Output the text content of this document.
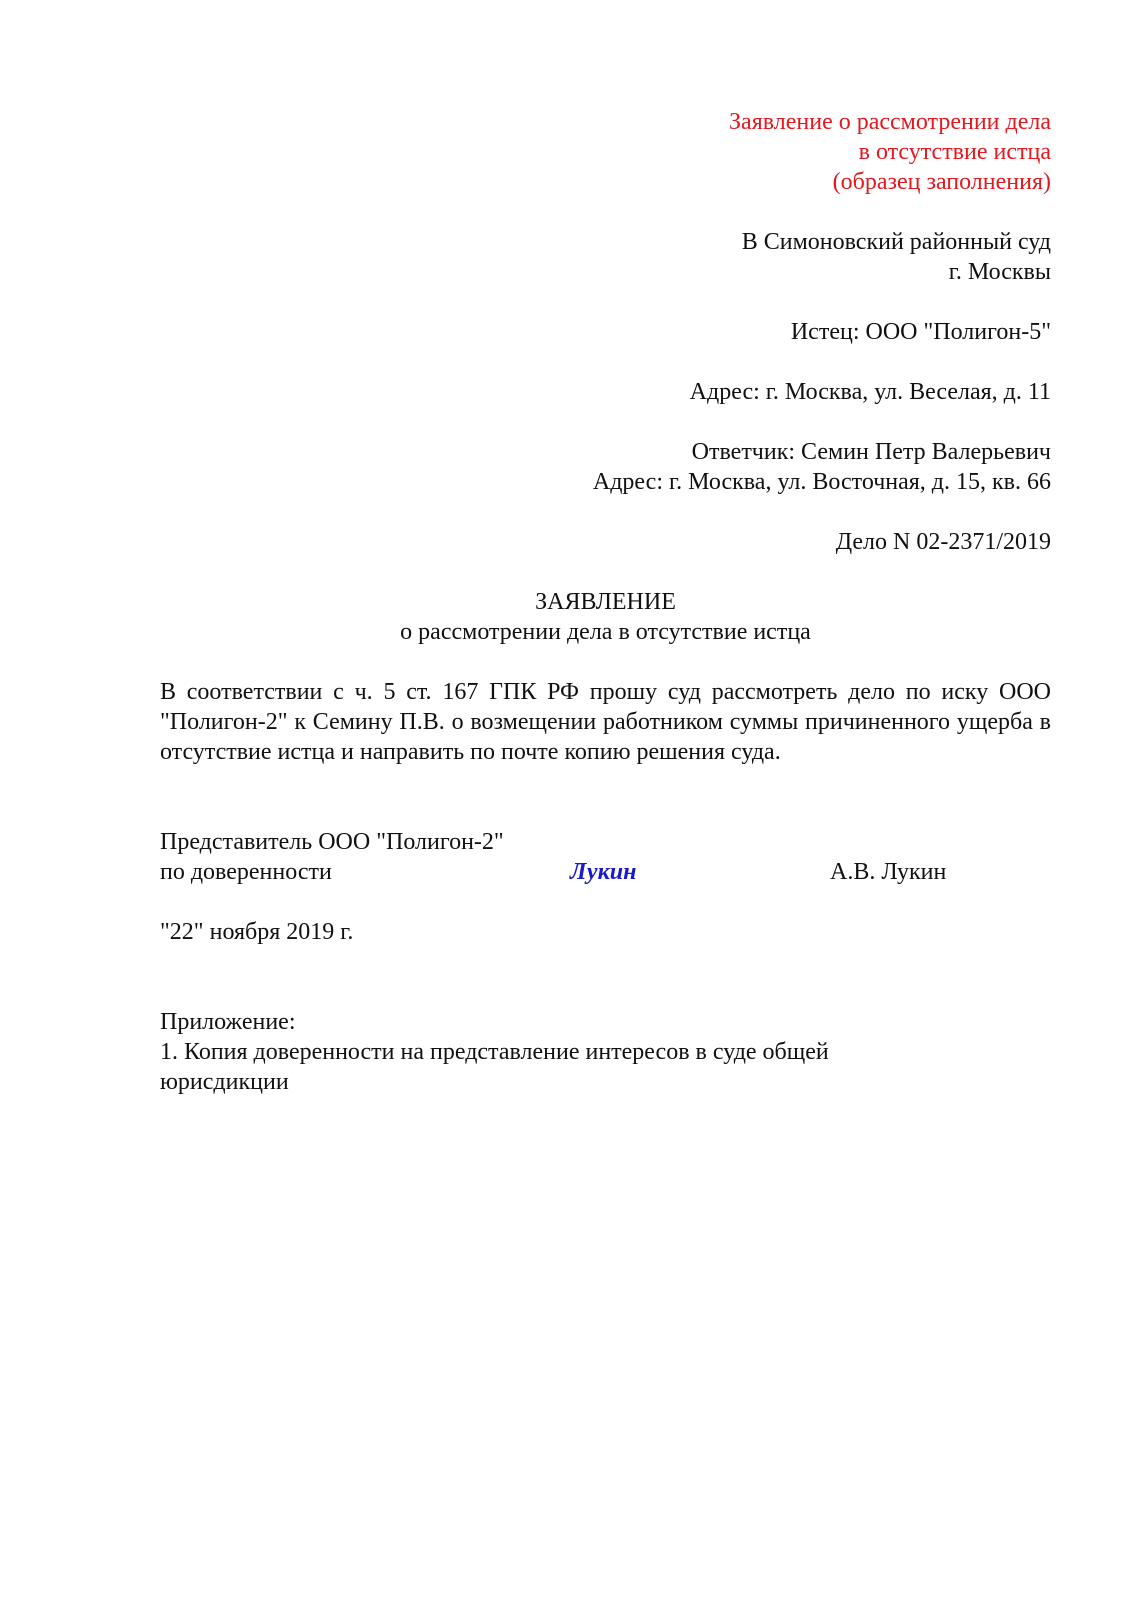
Заявление о рассмотрении дела
в отсутствие истца
(образец заполнения)
В Симоновский районный суд
г. Москвы
Истец: ООО "Полигон-5"
Адрес: г. Москва, ул. Веселая, д. 11
Ответчик: Семин Петр Валерьевич
Адрес: г. Москва, ул. Восточная, д. 15, кв. 66
Дело N 02-2371/2019
ЗАЯВЛЕНИЕ
о рассмотрении дела в отсутствие истца
В соответствии с ч. 5 ст. 167 ГПК РФ прошу суд рассмотреть дело по иску ООО "Полигон-2" к Семину П.В. о возмещении работником суммы причиненного ущерба в отсутствие истца и направить по почте копию решения суда.
Представитель ООО "Полигон-2"
по доверенности	Лукин	А.В. Лукин
"22" ноября 2019 г.
Приложение:
1. Копия доверенности на представление интересов в суде общей юрисдикции
